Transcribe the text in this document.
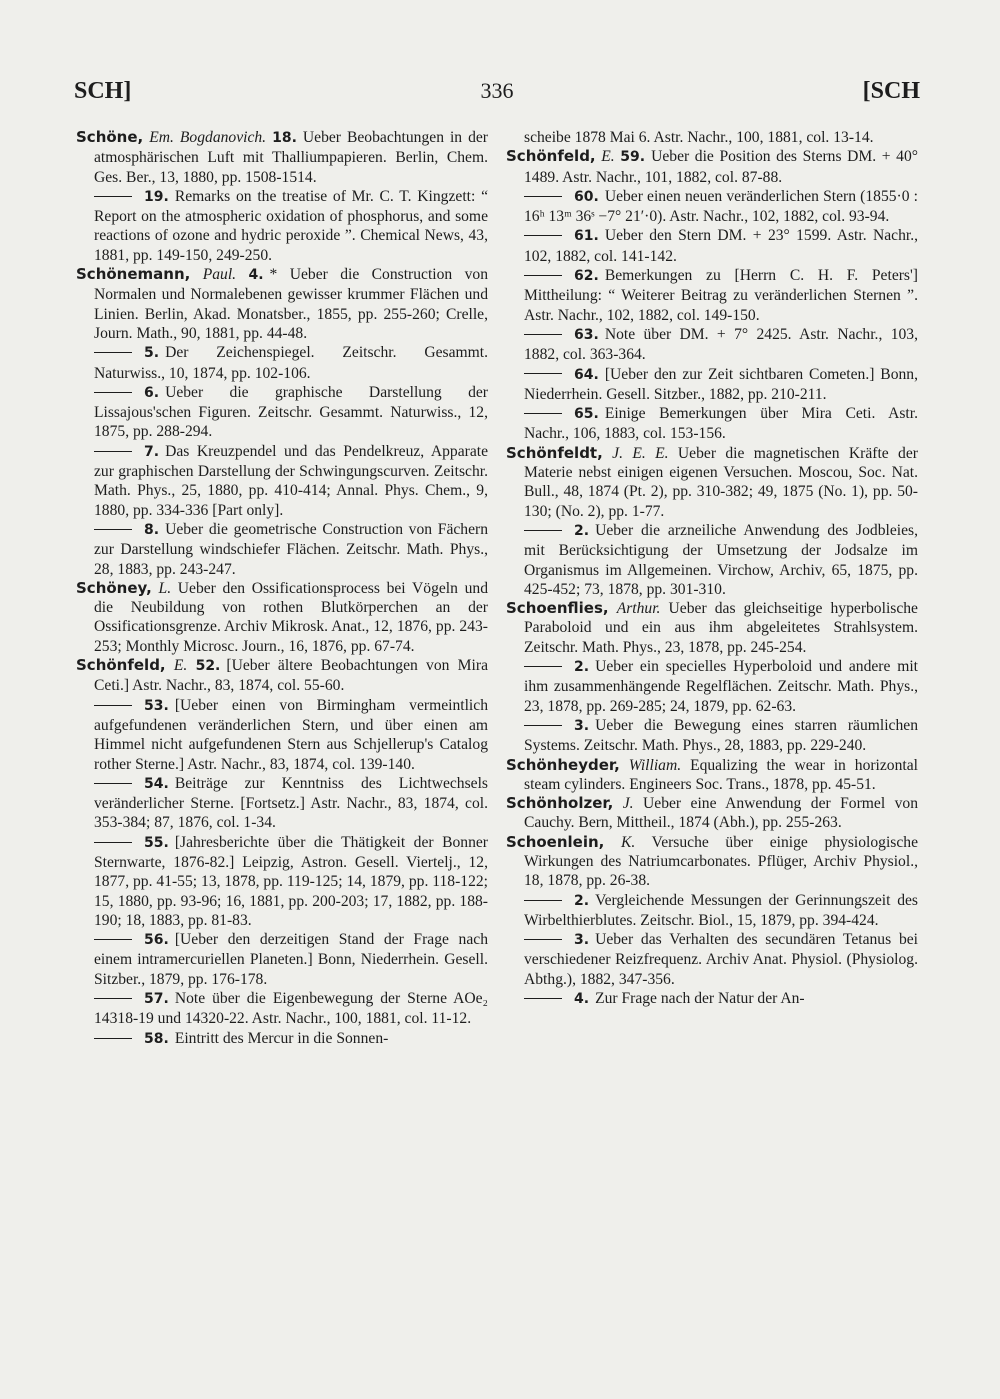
SCH]	336	[SCH

Schöne, Em. Bogdanovich. 18. Ueber Beobachtungen in der atmosphärischen Luft mit Thalliumpapieren. Berlin, Chem. Ges. Ber., 13, 1880, pp. 1508-1514.

19. Remarks on the treatise of Mr. C. T. Kingzett: “ Report on the atmospheric oxidation of phosphorus, and some reactions of ozone and hydric peroxide ”. Chemical News, 43, 1881, pp. 149-150, 249-250.

Schönemann, Paul. 4. * Ueber die Construction von Normalen und Normalebenen gewisser krummer Flächen und Linien. Berlin, Akad. Monatsber., 1855, pp. 255-260; Crelle, Journ. Math., 90, 1881, pp. 44-48.

5. Der Zeichenspiegel. Zeitschr. Gesammt. Naturwiss., 10, 1874, pp. 102-106.

6. Ueber die graphische Darstellung der Lissajous'schen Figuren. Zeitschr. Gesammt. Naturwiss., 12, 1875, pp. 288-294.

7. Das Kreuzpendel und das Pendelkreuz, Apparate zur graphischen Darstellung der Schwingungscurven. Zeitschr. Math. Phys., 25, 1880, pp. 410-414; Annal. Phys. Chem., 9, 1880, pp. 334-336 [Part only].

8. Ueber die geometrische Construction von Fächern zur Darstellung windschiefer Flächen. Zeitschr. Math. Phys., 28, 1883, pp. 243-247.

Schöney, L. Ueber den Ossificationsprocess bei Vögeln und die Neubildung von rothen Blutkörperchen an der Ossificationsgrenze. Archiv Mikrosk. Anat., 12, 1876, pp. 243-253; Monthly Microsc. Journ., 16, 1876, pp. 67-74.

Schönfeld, E. 52. [Ueber ältere Beobachtungen von Mira Ceti.] Astr. Nachr., 83, 1874, col. 55-60.

53. [Ueber einen von Birmingham vermeintlich aufgefundenen veränderlichen Stern, und über einen am Himmel nicht aufgefundenen Stern aus Schjellerup's Catalog rother Sterne.] Astr. Nachr., 83, 1874, col. 139-140.

54. Beiträge zur Kenntniss des Lichtwechsels veränderlicher Sterne. [Fortsetz.] Astr. Nachr., 83, 1874, col. 353-384; 87, 1876, col. 1-34.

55. [Jahresberichte über die Thätigkeit der Bonner Sternwarte, 1876-82.] Leipzig, Astron. Gesell. Viertelj., 12, 1877, pp. 41-55; 13, 1878, pp. 119-125; 14, 1879, pp. 118-122; 15, 1880, pp. 93-96; 16, 1881, pp. 200-203; 17, 1882, pp. 188-190; 18, 1883, pp. 81-83.

56. [Ueber den derzeitigen Stand der Frage nach einem intramercuriellen Planeten.] Bonn, Niederrhein. Gesell. Sitzber., 1879, pp. 176-178.

57. Note über die Eigenbewegung der Sterne AOe₂ 14318-19 und 14320-22. Astr. Nachr., 100, 1881, col. 11-12.

58. Eintritt des Mercur in die Sonnen-

scheibe 1878 Mai 6. Astr. Nachr., 100, 1881, col. 13-14.

Schönfeld, E. 59. Ueber die Position des Sterns DM. + 40° 1489. Astr. Nachr., 101, 1882, col. 87-88.

60. Ueber einen neuen veränderlichen Stern (1855·0 : 16ʰ 13ᵐ 36ˢ −7° 21′·0). Astr. Nachr., 102, 1882, col. 93-94.

61. Ueber den Stern DM. + 23° 1599. Astr. Nachr., 102, 1882, col. 141-142.

62. Bemerkungen zu [Herrn C. H. F. Peters'] Mittheilung: “ Weiterer Beitrag zu veränderlichen Sternen ”. Astr. Nachr., 102, 1882, col. 149-150.

63. Note über DM. + 7° 2425. Astr. Nachr., 103, 1882, col. 363-364.

64. [Ueber den zur Zeit sichtbaren Cometen.] Bonn, Niederrhein. Gesell. Sitzber., 1882, pp. 210-211.

65. Einige Bemerkungen über Mira Ceti. Astr. Nachr., 106, 1883, col. 153-156.

Schönfeldt, J. E. E. Ueber die magnetischen Kräfte der Materie nebst einigen eigenen Versuchen. Moscou, Soc. Nat. Bull., 48, 1874 (Pt. 2), pp. 310-382; 49, 1875 (No. 1), pp. 50-130; (No. 2), pp. 1-77.

2. Ueber die arzneiliche Anwendung des Jodbleies, mit Berücksichtigung der Umsetzung der Jodsalze im Organismus im Allgemeinen. Virchow, Archiv, 65, 1875, pp. 425-452; 73, 1878, pp. 301-310.

Schoenflies, Arthur. Ueber das gleichseitige hyperbolische Paraboloid und ein aus ihm abgeleitetes Strahlsystem. Zeitschr. Math. Phys., 23, 1878, pp. 245-254.

2. Ueber ein specielles Hyperboloid und andere mit ihm zusammenhängende Regelflächen. Zeitschr. Math. Phys., 23, 1878, pp. 269-285; 24, 1879, pp. 62-63.

3. Ueber die Bewegung eines starren räumlichen Systems. Zeitschr. Math. Phys., 28, 1883, pp. 229-240.

Schönheyder, William. Equalizing the wear in horizontal steam cylinders. Engineers Soc. Trans., 1878, pp. 45-51.

Schönholzer, J. Ueber eine Anwendung der Formel von Cauchy. Bern, Mittheil., 1874 (Abh.), pp. 255-263.

Schoenlein, K. Versuche über einige physiologische Wirkungen des Natriumcarbonates. Pflüger, Archiv Physiol., 18, 1878, pp. 26-38.

2. Vergleichende Messungen der Gerinnungszeit des Wirbelthierblutes. Zeitschr. Biol., 15, 1879, pp. 394-424.

3. Ueber das Verhalten des secundären Tetanus bei verschiedener Reizfrequenz. Archiv Anat. Physiol. (Physiolog. Abthg.), 1882, 347-356.

4. Zur Frage nach der Natur der An-
